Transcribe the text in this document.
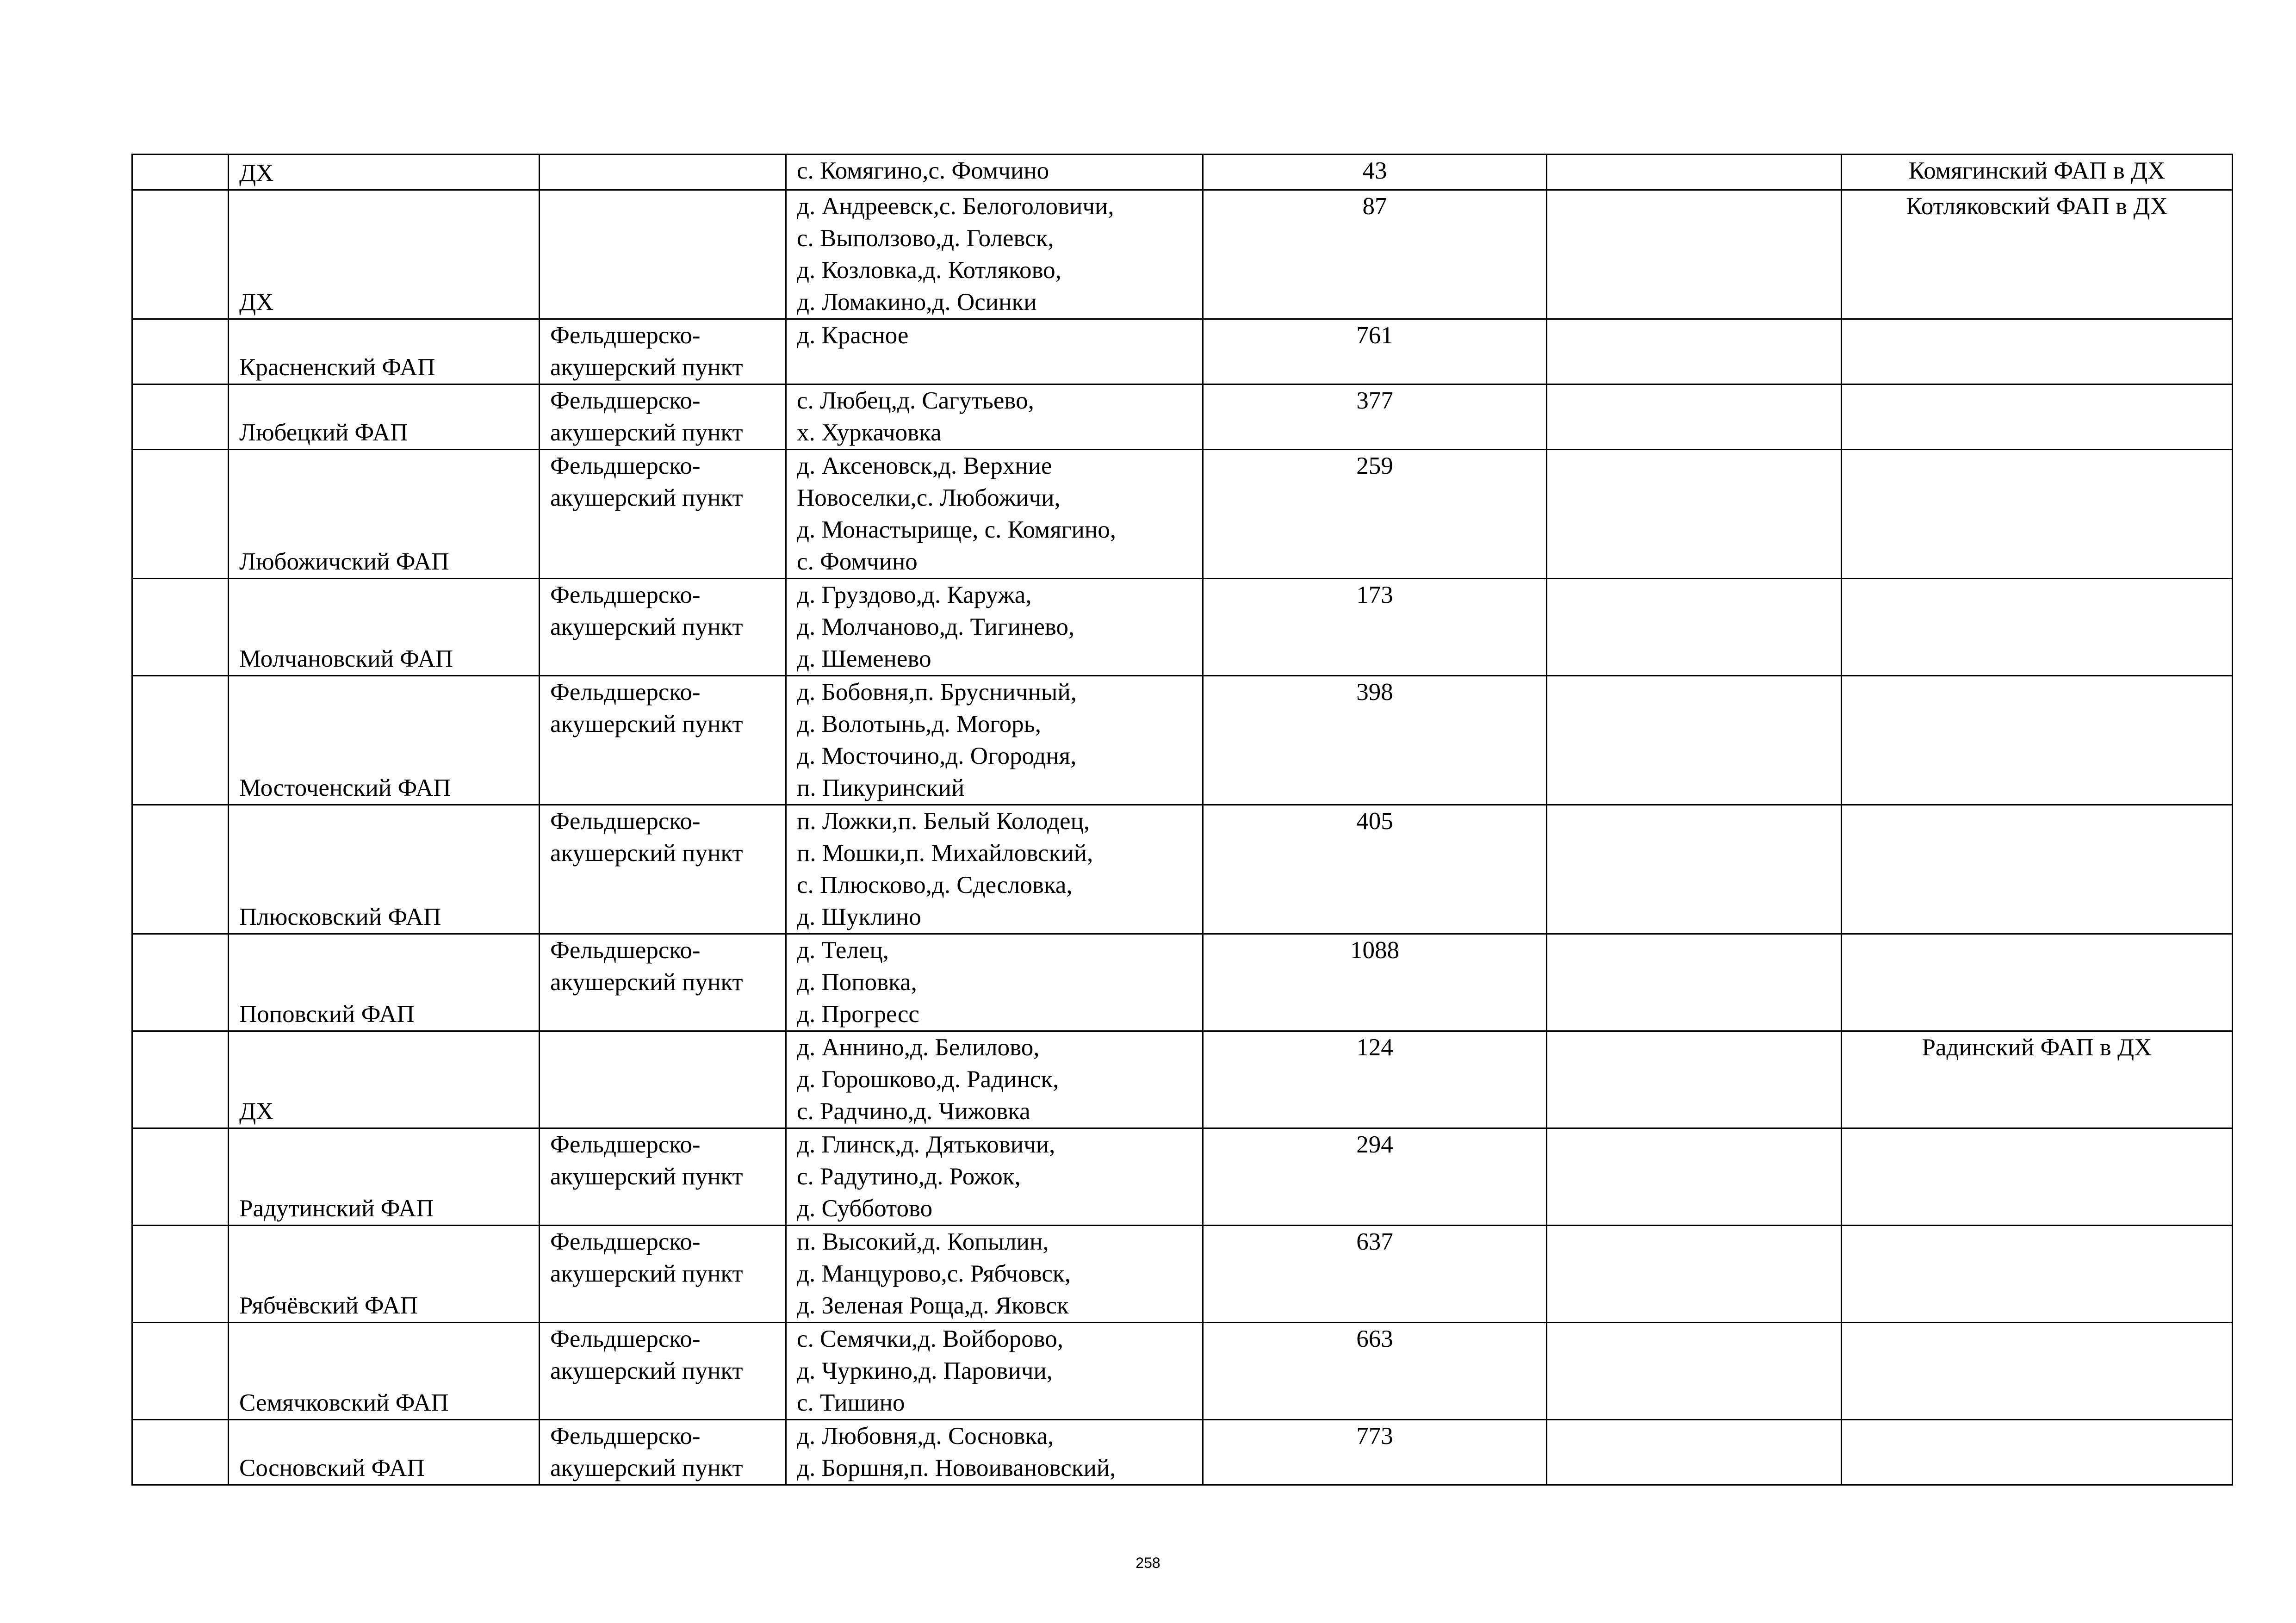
	ДХ		с. Комягино,с. Фомчино	43		Комягинский ФАП в ДХ

	ДХ		д. Андреевск,с. Белоголовичи,
с. Выползово,д. Голевск,
д. Козловка,д. Котляково,
д. Ломакино,д. Осинки	87		Котляковский ФАП в ДХ

	Красненский ФАП	Фельдшерско-
акушерский пункт	д. Красное	761		

	Любецкий ФАП	Фельдшерско-
акушерский пункт	с. Любец,д. Сагутьево,
х. Хуркачовка	377		

	Любожичский ФАП	Фельдшерско-
акушерский пункт	д. Аксеновск,д. Верхние
Новоселки,с. Любожичи,
д. Монастырище, с. Комягино,
с. Фомчино	259		

	Молчановский ФАП	Фельдшерско-
акушерский пункт	д. Груздово,д. Каружа,
д. Молчаново,д. Тигинево,
д. Шеменево	173		

	Мосточенский ФАП	Фельдшерско-
акушерский пункт	д. Бобовня,п. Брусничный,
д. Волотынь,д. Могорь,
д. Мосточино,д. Огородня,
п. Пикуринский	398		

	Плюсковский ФАП	Фельдшерско-
акушерский пункт	п. Ложки,п. Белый Колодец,
п. Мошки,п. Михайловский,
с. Плюсково,д. Сдесловка,
д. Шуклино	405		

	Поповский ФАП	Фельдшерско-
акушерский пункт	д. Телец,
д. Поповка,
д. Прогресс	1088		

	ДХ		д. Аннино,д. Белилово,
д. Горошково,д. Радинск,
с. Радчино,д. Чижовка	124		Радинский ФАП в ДХ

	Радутинский ФАП	Фельдшерско-
акушерский пункт	д. Глинск,д. Дятьковичи,
с. Радутино,д. Рожок,
д. Субботово	294		

	Рябчёвский ФАП	Фельдшерско-
акушерский пункт	п. Высокий,д. Копылин,
д. Манцурово,с. Рябчовск,
д. Зеленая Роща,д. Яковск	637		

	Семячковский ФАП	Фельдшерско-
акушерский пункт	с. Семячки,д. Войборово,
д. Чуркино,д. Паровичи,
с. Тишино	663		

	Сосновский ФАП	Фельдшерско-
акушерский пункт	д. Любовня,д. Сосновка,
д. Боршня,п. Новоивановский,	773		

258
